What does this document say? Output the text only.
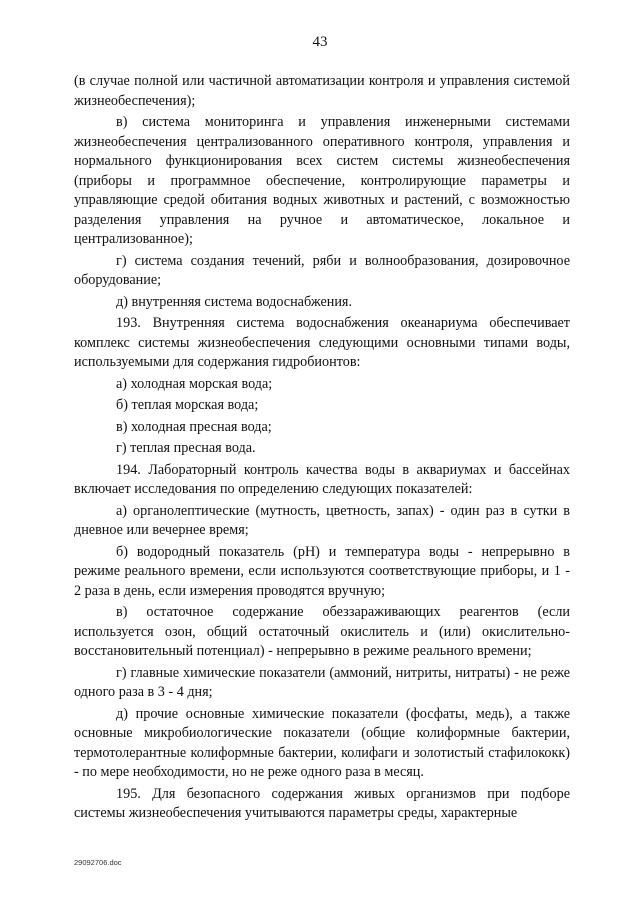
43

(в случае полной или частичной автоматизации контроля и управления системой жизнеобеспечения);

в) система мониторинга и управления инженерными системами жизнеобеспечения централизованного оперативного контроля, управления и нормального функционирования всех систем системы жизнеобеспечения (приборы и программное обеспечение, контролирующие параметры и управляющие средой обитания водных животных и растений, с возможностью разделения управления на ручное и автоматическое, локальное и централизованное);

г) система создания течений, ряби и волнообразования, дозировочное оборудование;

д) внутренняя система водоснабжения.

193. Внутренняя система водоснабжения океанариума обеспечивает комплекс системы жизнеобеспечения следующими основными типами воды, используемыми для содержания гидробионтов:

а) холодная морская вода;

б) теплая морская вода;

в) холодная пресная вода;

г) теплая пресная вода.

194. Лабораторный контроль качества воды в аквариумах и бассейнах включает исследования по определению следующих показателей:

а) органолептические (мутность, цветность, запах) - один раз в сутки в дневное или вечернее время;

б) водородный показатель (рН) и температура воды - непрерывно в режиме реального времени, если используются соответствующие приборы, и 1 - 2 раза в день, если измерения проводятся вручную;

в) остаточное содержание обеззараживающих реагентов (если используется озон, общий остаточный окислитель и (или) окислительно-восстановительный потенциал) - непрерывно в режиме реального времени;

г) главные химические показатели (аммоний, нитриты, нитраты) - не реже одного раза в 3 - 4 дня;

д) прочие основные химические показатели (фосфаты, медь), а также основные микробиологические показатели (общие колиформные бактерии, термотолерантные колиформные бактерии, колифаги и золотистый стафилококк) - по мере необходимости, но не реже одного раза в месяц.

195. Для безопасного содержания живых организмов при подборе системы жизнеобеспечения учитываются параметры среды, характерные

29092706.doc
